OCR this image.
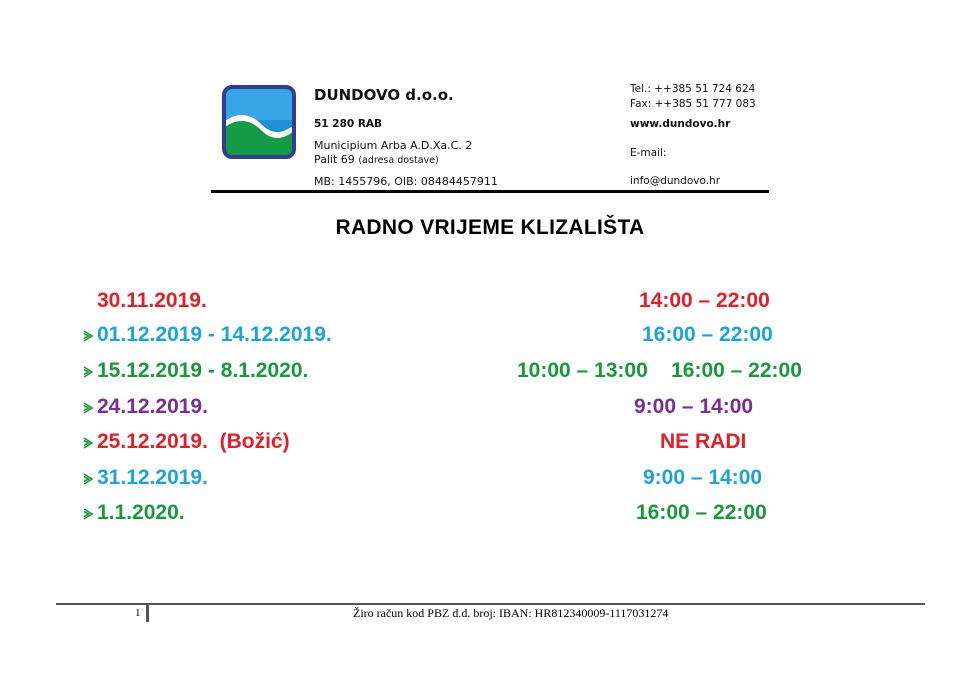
DUNDOVO d.o.o.
51 280 RAB
Municipium Arba A.D.Xa.C. 2
Palit 69 (adresa dostave)
MB: 1455796, OIB: 08484457911
Tel.: ++385 51 724 624
Fax: ++385 51 777 083
www.dundovo.hr
E-mail:
info@dundovo.hr
RADNO VRIJEME KLIZALIŠTA
30.11.2019.	14:00 – 22:00
01.12.2019 - 14.12.2019.	16:00 – 22:00
15.12.2019 - 8.1.2020.	10:00 – 13:00    16:00 – 22:00
24.12.2019.	9:00 – 14:00
25.12.2019.  (Božić)	NE RADI
31.12.2019.	9:00 – 14:00
1.1.2020.	16:00 – 22:00
1	Žiro račun kod PBZ d.d. broj: IBAN: HR812340009-1117031274
